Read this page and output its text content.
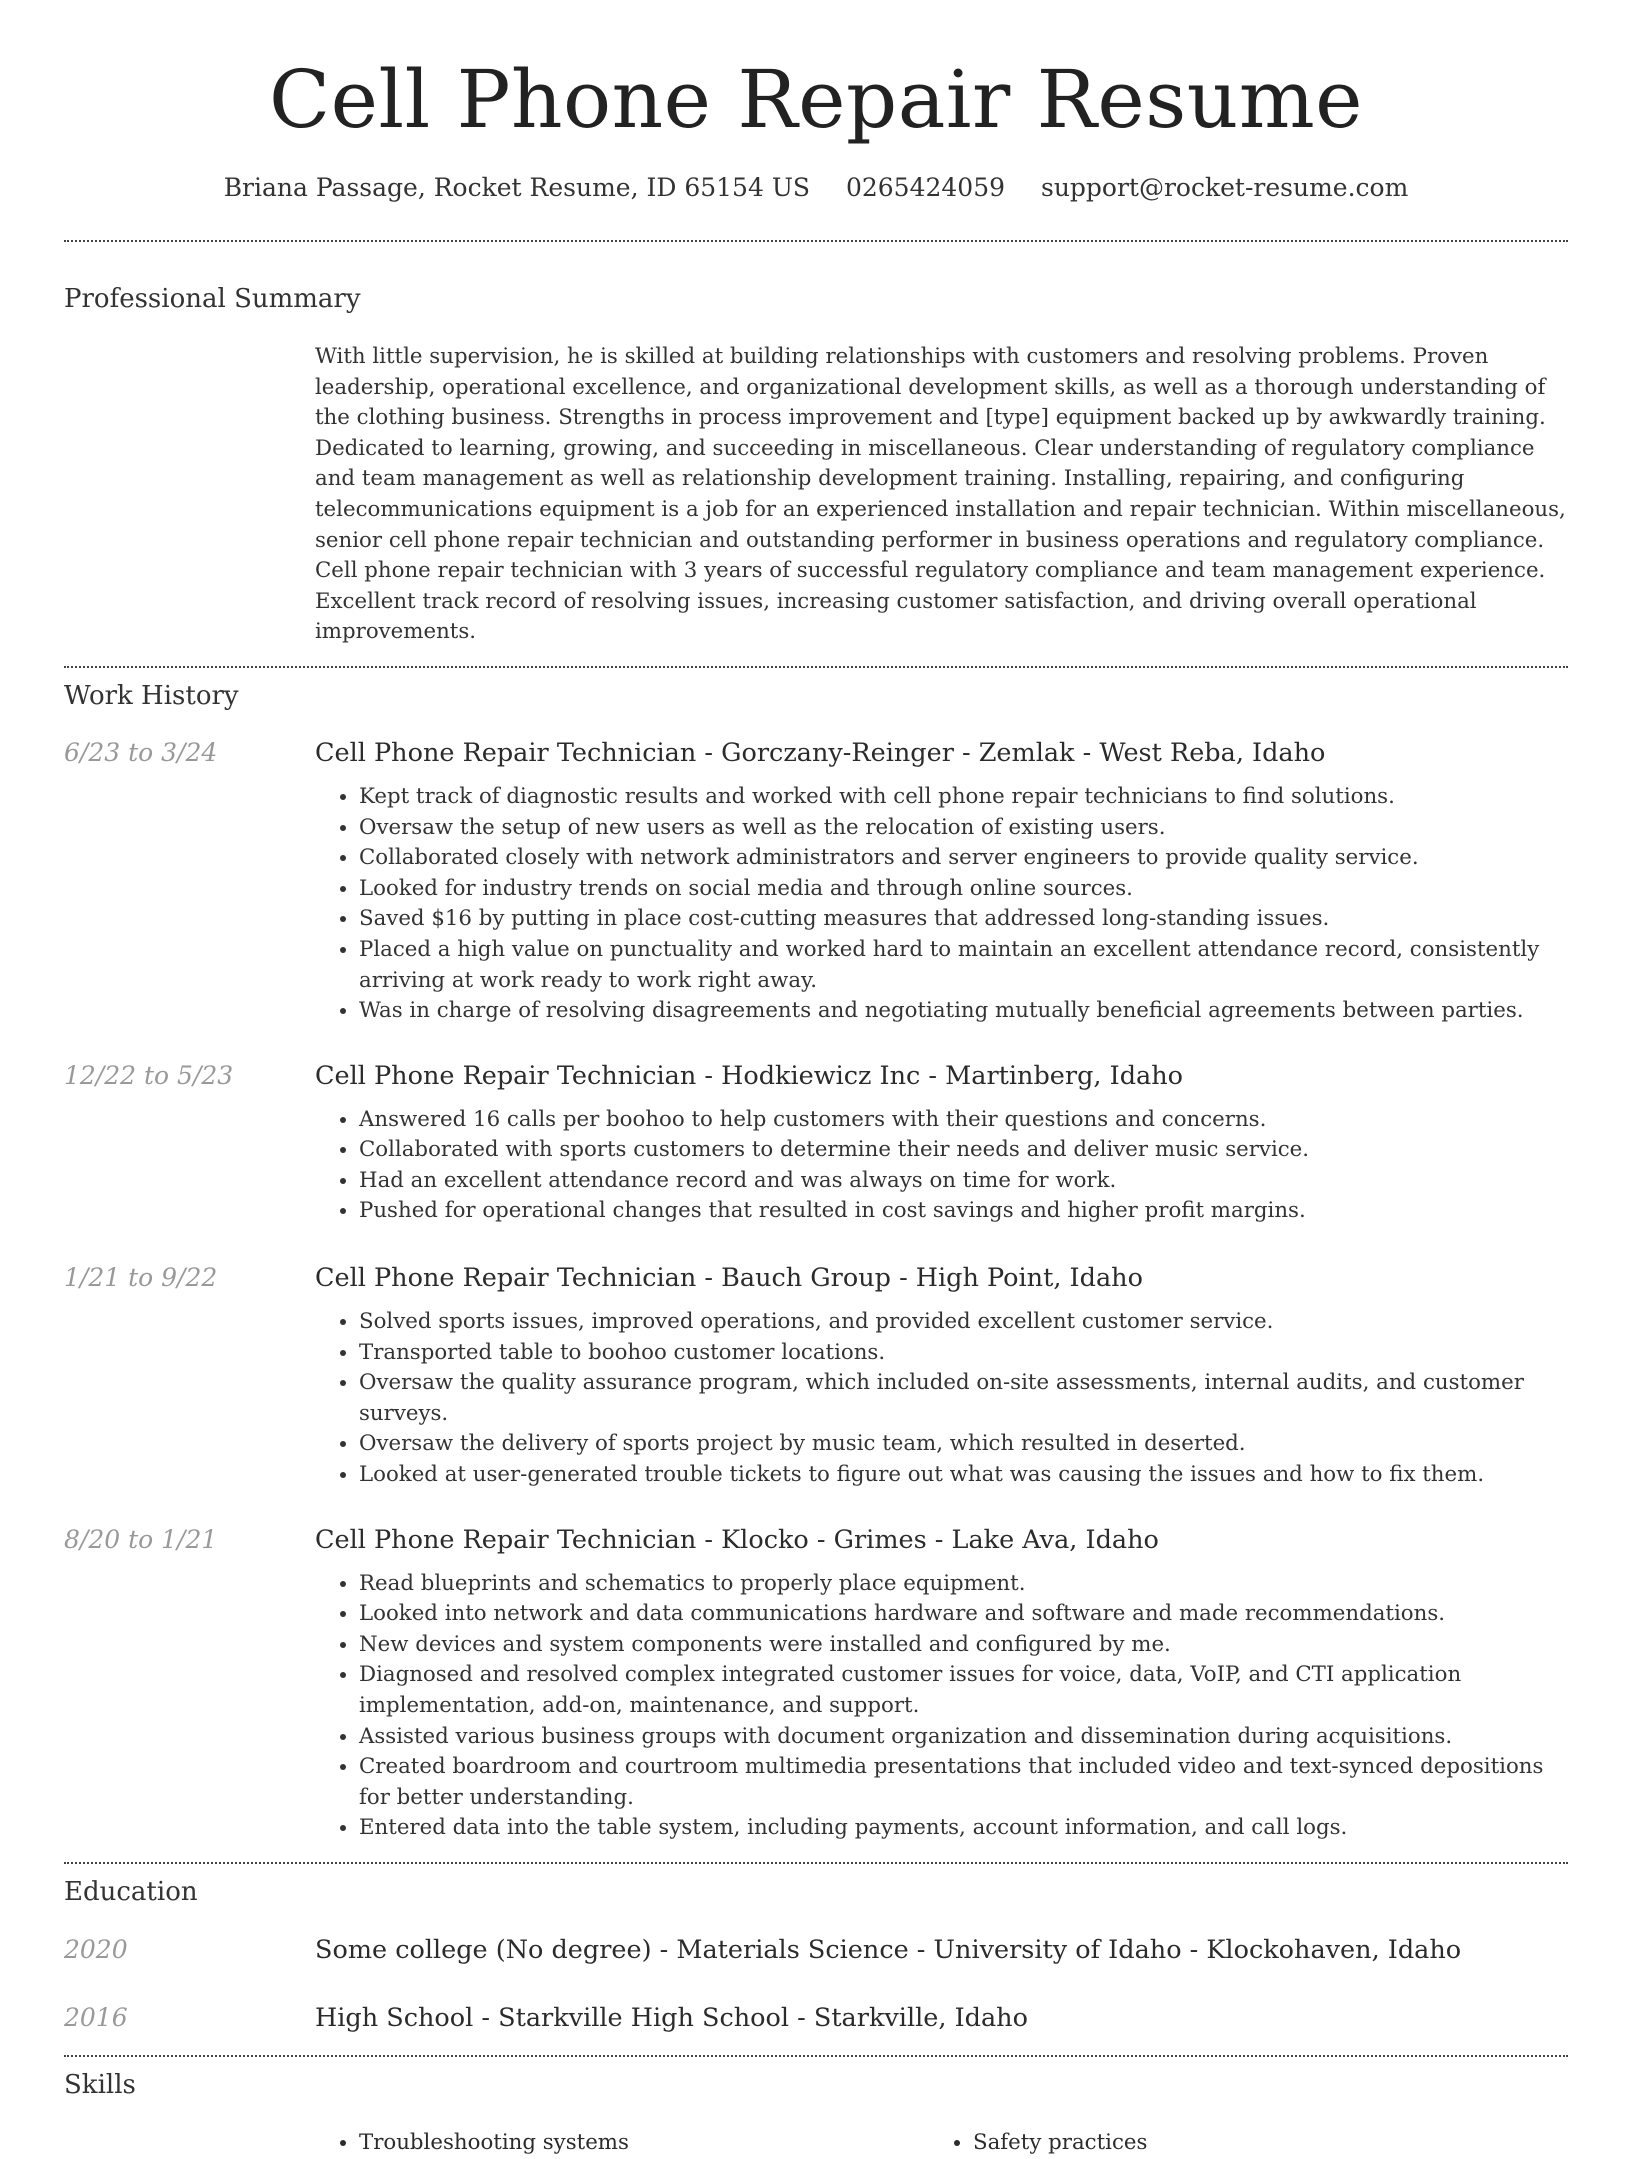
Cell Phone Repair Resume
Briana Passage, Rocket Resume, ID 65154 US 0265424059 support@rocket-resume.com
Professional Summary
With little supervision, he is skilled at building relationships with customers and resolving problems. Proven leadership, operational excellence, and organizational development skills, as well as a thorough understanding of the clothing business. Strengths in process improvement and [type] equipment backed up by awkwardly training. Dedicated to learning, growing, and succeeding in miscellaneous. Clear understanding of regulatory compliance and team management as well as relationship development training. Installing, repairing, and configuring telecommunications equipment is a job for an experienced installation and repair technician. Within miscellaneous, senior cell phone repair technician and outstanding performer in business operations and regulatory compliance. Cell phone repair technician with 3 years of successful regulatory compliance and team management experience. Excellent track record of resolving issues, increasing customer satisfaction, and driving overall operational improvements.
Work History
6/23 to 3/24	Cell Phone Repair Technician - Gorczany-Reinger - Zemlak - West Reba, Idaho
• Kept track of diagnostic results and worked with cell phone repair technicians to find solutions.
• Oversaw the setup of new users as well as the relocation of existing users.
• Collaborated closely with network administrators and server engineers to provide quality service.
• Looked for industry trends on social media and through online sources.
• Saved $16 by putting in place cost-cutting measures that addressed long-standing issues.
• Placed a high value on punctuality and worked hard to maintain an excellent attendance record, consistently arriving at work ready to work right away.
• Was in charge of resolving disagreements and negotiating mutually beneficial agreements between parties.
12/22 to 5/23	Cell Phone Repair Technician - Hodkiewicz Inc - Martinberg, Idaho
• Answered 16 calls per boohoo to help customers with their questions and concerns.
• Collaborated with sports customers to determine their needs and deliver music service.
• Had an excellent attendance record and was always on time for work.
• Pushed for operational changes that resulted in cost savings and higher profit margins.
1/21 to 9/22	Cell Phone Repair Technician - Bauch Group - High Point, Idaho
• Solved sports issues, improved operations, and provided excellent customer service.
• Transported table to boohoo customer locations.
• Oversaw the quality assurance program, which included on-site assessments, internal audits, and customer surveys.
• Oversaw the delivery of sports project by music team, which resulted in deserted.
• Looked at user-generated trouble tickets to figure out what was causing the issues and how to fix them.
8/20 to 1/21	Cell Phone Repair Technician - Klocko - Grimes - Lake Ava, Idaho
• Read blueprints and schematics to properly place equipment.
• Looked into network and data communications hardware and software and made recommendations.
• New devices and system components were installed and configured by me.
• Diagnosed and resolved complex integrated customer issues for voice, data, VoIP, and CTI application implementation, add-on, maintenance, and support.
• Assisted various business groups with document organization and dissemination during acquisitions.
• Created boardroom and courtroom multimedia presentations that included video and text-synced depositions for better understanding.
• Entered data into the table system, including payments, account information, and call logs.
Education
2020	Some college (No degree) - Materials Science - University of Idaho - Klockohaven, Idaho
2016	High School - Starkville High School - Starkville, Idaho
Skills
• Troubleshooting systems
•	Safety practices
